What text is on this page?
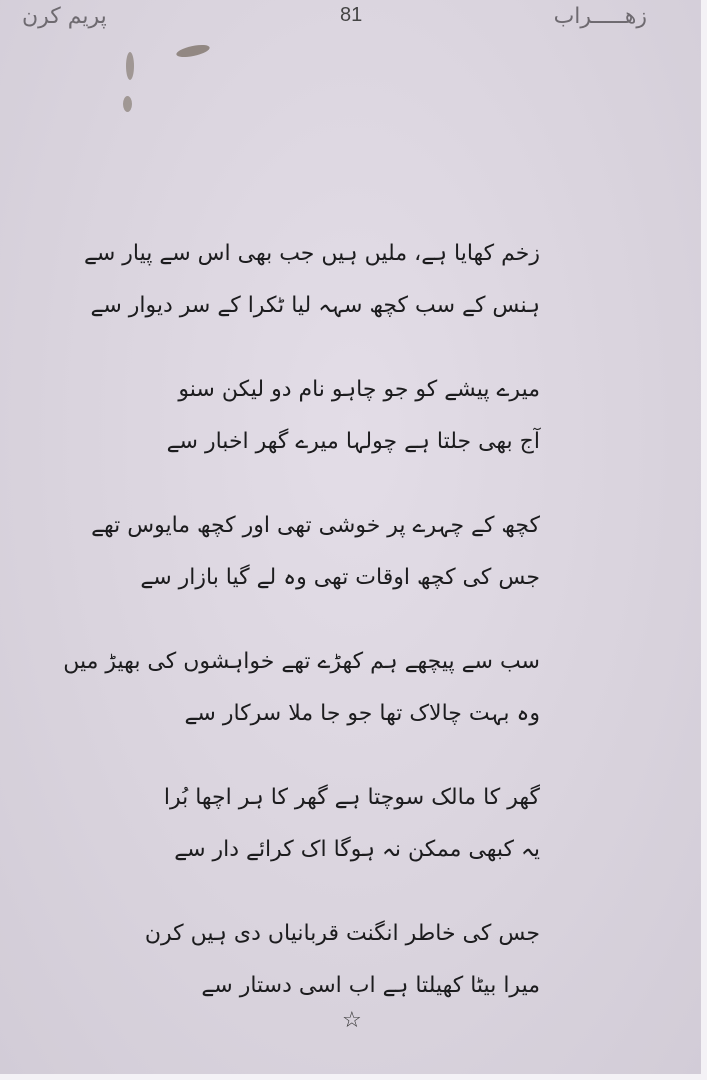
پریم کرن	81	زهـــــراب
زخم کھایا ہے، ملیں ہیں جب بھی اس سے پیار سے
ہنس کے سب کچھ سہہ لیا ٹکرا کے سر دیوار سے
میرے پیشے کو جو چاہو نام دو لیکن سنو
آج بھی جلتا ہے چولہا میرے گھر اخبار سے
کچھ کے چہرے پر خوشی تھی اور کچھ مایوس تھے
جس کی کچھ اوقات تھی وہ لے گیا بازار سے
سب سے پیچھے ہم کھڑے تھے خواہشوں کی بھیڑ میں
وہ بہت چالاک تھا جو جا ملا سرکار سے
گھر کا مالک سوچتا ہے گھر کا ہر اچھا بُرا
یہ کبھی ممکن نہ ہوگا اک کرائے دار سے
جس کی خاطر انگنت قربانیاں دی ہیں کرن
میرا بیٹا کھیلتا ہے اب اسی دستار سے
☆
